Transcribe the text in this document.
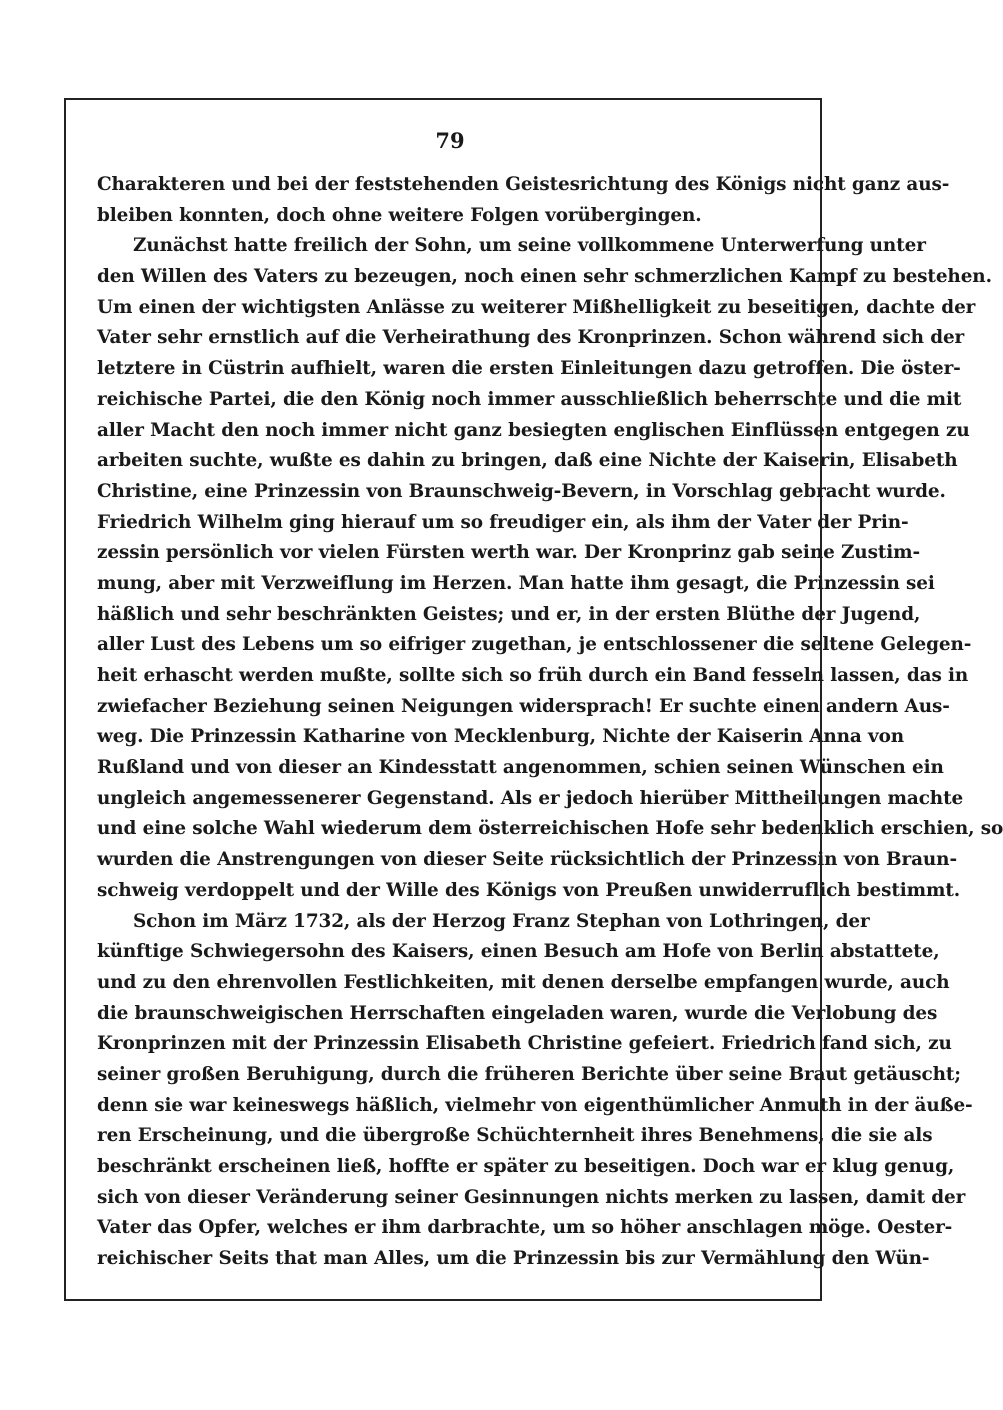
79
Charakteren und bei der feststehenden Geistesrichtung des Königs nicht ganz aus-
bleiben konnten, doch ohne weitere Folgen vorübergingen.
Zunächst hatte freilich der Sohn, um seine vollkommene Unterwerfung unter
den Willen des Vaters zu bezeugen, noch einen sehr schmerzlichen Kampf zu bestehen.
Um einen der wichtigsten Anlässe zu weiterer Mißhelligkeit zu beseitigen, dachte der
Vater sehr ernstlich auf die Verheirathung des Kronprinzen. Schon während sich der
letztere in Cüstrin aufhielt, waren die ersten Einleitungen dazu getroffen. Die öster-
reichische Partei, die den König noch immer ausschließlich beherrschte und die mit
aller Macht den noch immer nicht ganz besiegten englischen Einflüssen entgegen zu
arbeiten suchte, wußte es dahin zu bringen, daß eine Nichte der Kaiserin, Elisabeth
Christine, eine Prinzessin von Braunschweig-Bevern, in Vorschlag gebracht wurde.
Friedrich Wilhelm ging hierauf um so freudiger ein, als ihm der Vater der Prin-
zessin persönlich vor vielen Fürsten werth war. Der Kronprinz gab seine Zustim-
mung, aber mit Verzweiflung im Herzen. Man hatte ihm gesagt, die Prinzessin sei
häßlich und sehr beschränkten Geistes; und er, in der ersten Blüthe der Jugend,
aller Lust des Lebens um so eifriger zugethan, je entschlossener die seltene Gelegen-
heit erhascht werden mußte, sollte sich so früh durch ein Band fesseln lassen, das in
zwiefacher Beziehung seinen Neigungen widersprach! Er suchte einen andern Aus-
weg. Die Prinzessin Katharine von Mecklenburg, Nichte der Kaiserin Anna von
Rußland und von dieser an Kindesstatt angenommen, schien seinen Wünschen ein
ungleich angemessenerer Gegenstand. Als er jedoch hierüber Mittheilungen machte
und eine solche Wahl wiederum dem österreichischen Hofe sehr bedenklich erschien, so
wurden die Anstrengungen von dieser Seite rücksichtlich der Prinzessin von Braun-
schweig verdoppelt und der Wille des Königs von Preußen unwiderruflich bestimmt.
Schon im März 1732, als der Herzog Franz Stephan von Lothringen, der
künftige Schwiegersohn des Kaisers, einen Besuch am Hofe von Berlin abstattete,
und zu den ehrenvollen Festlichkeiten, mit denen derselbe empfangen wurde, auch
die braunschweigischen Herrschaften eingeladen waren, wurde die Verlobung des
Kronprinzen mit der Prinzessin Elisabeth Christine gefeiert. Friedrich fand sich, zu
seiner großen Beruhigung, durch die früheren Berichte über seine Braut getäuscht;
denn sie war keineswegs häßlich, vielmehr von eigenthümlicher Anmuth in der äuße-
ren Erscheinung, und die übergroße Schüchternheit ihres Benehmens, die sie als
beschränkt erscheinen ließ, hoffte er später zu beseitigen. Doch war er klug genug,
sich von dieser Veränderung seiner Gesinnungen nichts merken zu lassen, damit der
Vater das Opfer, welches er ihm darbrachte, um so höher anschlagen möge. Oester-
reichischer Seits that man Alles, um die Prinzessin bis zur Vermählung den Wün-
